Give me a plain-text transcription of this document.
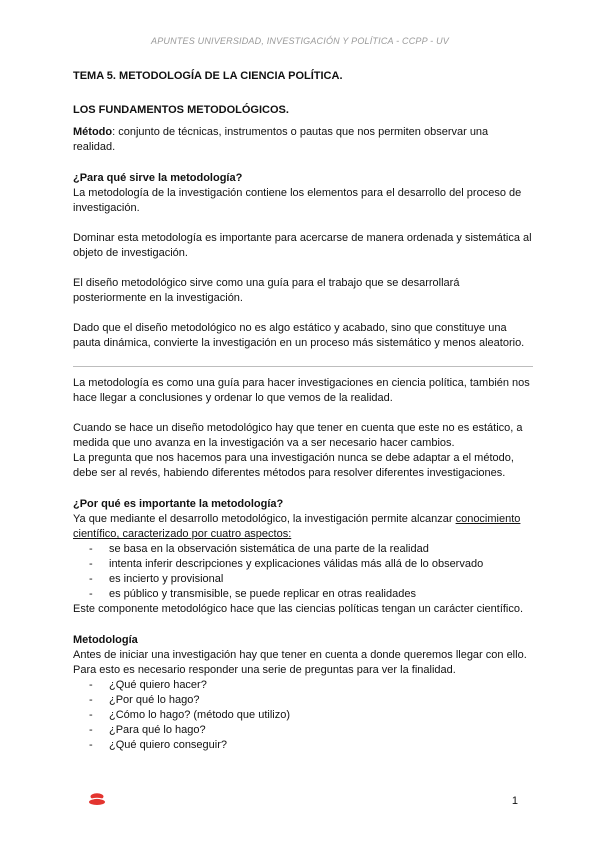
APUNTES UNIVERSIDAD, INVESTIGACIÓN Y POLÍTICA - CCPP - UV

TEMA 5. METODOLOGÍA DE LA CIENCIA POLÍTICA.

LOS FUNDAMENTOS METODOLÓGICOS.

Método: conjunto de técnicas, instrumentos o pautas que nos permiten observar una realidad.

¿Para qué sirve la metodología?

La metodología de la investigación contiene los elementos para el desarrollo del proceso de investigación.

Dominar esta metodología es importante para acercarse de manera ordenada y sistemática al objeto de investigación.

El diseño metodológico sirve como una guía para el trabajo que se desarrollará posteriormente en la investigación.

Dado que el diseño metodológico no es algo estático y acabado, sino que constituye una pauta dinámica, convierte la investigación en un proceso más sistemático y menos aleatorio.

La metodología es como una guía para hacer investigaciones en ciencia política, también nos hace llegar a conclusiones y ordenar lo que vemos de la realidad.

Cuando se hace un diseño metodológico hay que tener en cuenta que este no es estático, a medida que uno avanza en la investigación va a ser necesario hacer cambios.

La pregunta que nos hacemos para una investigación nunca se debe adaptar a el método, debe ser al revés, habiendo diferentes métodos para resolver diferentes investigaciones.

¿Por qué es importante la metodología?

Ya que mediante el desarrollo metodológico, la investigación permite alcanzar conocimiento científico, caracterizado por cuatro aspectos:

- se basa en la observación sistemática de una parte de la realidad
- intenta inferir descripciones y explicaciones válidas más allá de lo observado
- es incierto y provisional
- es público y transmisible, se puede replicar en otras realidades

Este componente metodológico hace que las ciencias políticas tengan un carácter científico.

Metodología

Antes de iniciar una investigación hay que tener en cuenta a donde queremos llegar con ello. Para esto es necesario responder una serie de preguntas para ver la finalidad.

- ¿Qué quiero hacer?
- ¿Por qué lo hago?
- ¿Cómo lo hago? (método que utilizo)
- ¿Para qué lo hago?
- ¿Qué quiero conseguir?
1
